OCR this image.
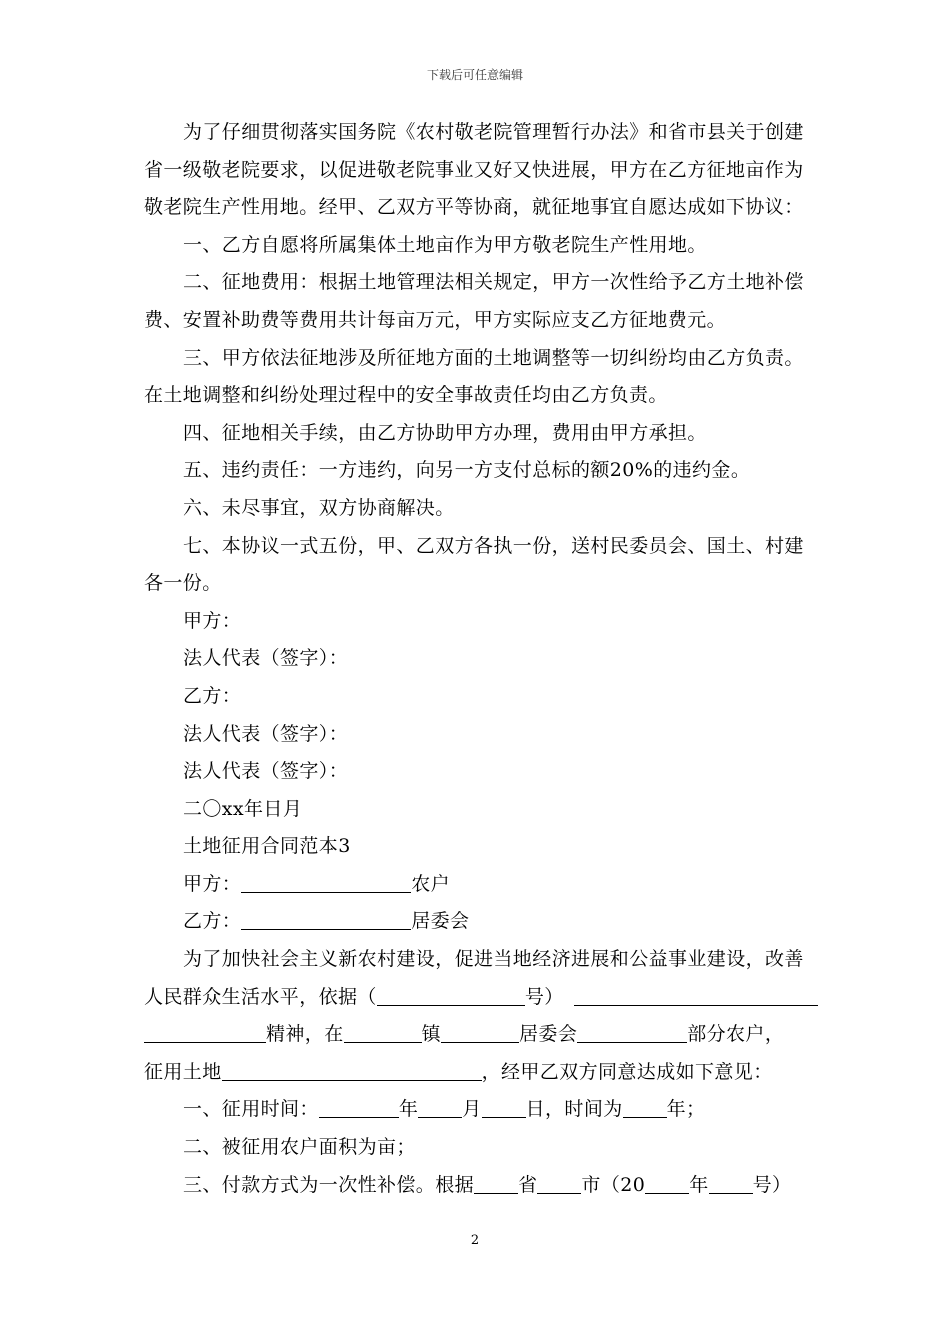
下载后可任意编辑

为了仔细贯彻落实国务院《农村敬老院管理暂行办法》和省市县关于创建

省一级敬老院要求，以促进敬老院事业又好又快进展，甲方在乙方征地亩作为

敬老院生产性用地。经甲、乙双方平等协商，就征地事宜自愿达成如下协议：

一、乙方自愿将所属集体土地亩作为甲方敬老院生产性用地。

二、征地费用：根据土地管理法相关规定，甲方一次性给予乙方土地补偿

费、安置补助费等费用共计每亩万元，甲方实际应支乙方征地费元。

三、甲方依法征地涉及所征地方面的土地调整等一切纠纷均由乙方负责。

在土地调整和纠纷处理过程中的安全事故责任均由乙方负责。

四、征地相关手续，由乙方协助甲方办理，费用由甲方承担。

五、违约责任：一方违约，向另一方支付总标的额20%的违约金。

六、未尽事宜，双方协商解决。

七、本协议一式五份，甲、乙双方各执一份，送村民委员会、国土、村建

各一份。

甲方：

法人代表（签字）：

乙方：

法人代表（签字）：

法人代表（签字）：

二〇xx年日月

土地征用合同范本3

甲方：	农户

乙方：	居委会

为了加快社会主义新农村建设，促进当地经济进展和公益事业建设，改善

人民群众生活水平，依据（	号）

精神，在	镇	居委会	部分农户，

征用土地	，经甲乙双方同意达成如下意见：

一、征用时间：	年 月 日，时间为 年；

二、被征用农户面积为亩；

三、付款方式为一次性补偿。根据 省 市（20 年 号）

2
